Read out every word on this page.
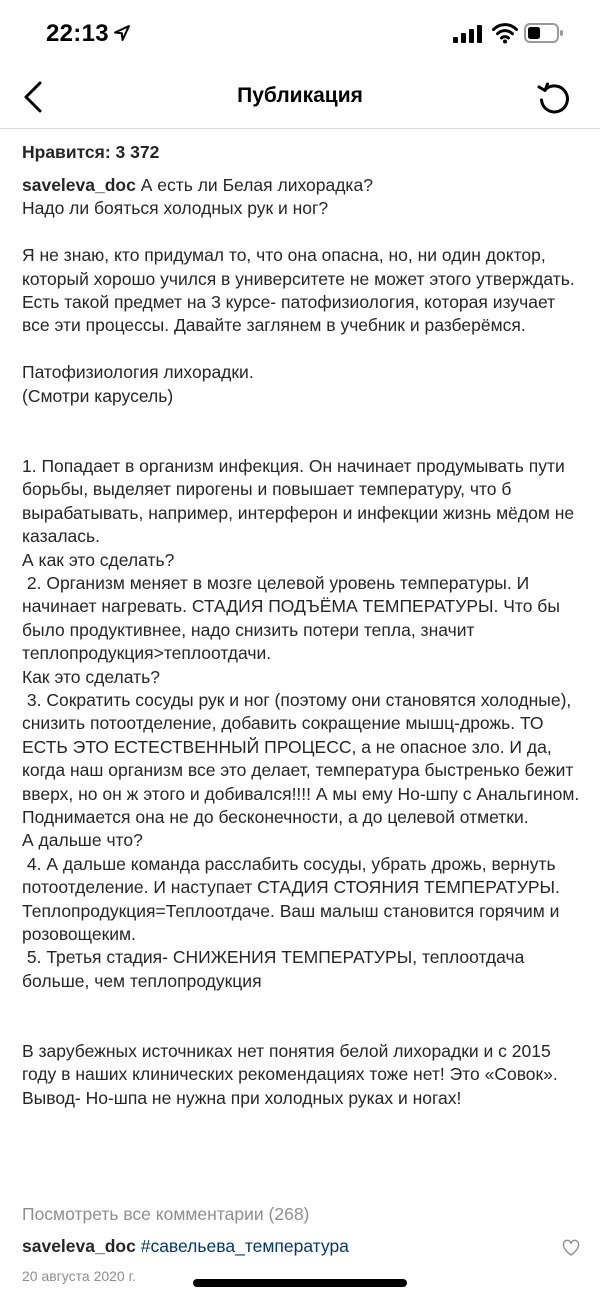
22:13
Публикация
Нравится: 3 372

saveleva_doc А есть ли Белая лихорадка?
Надо ли бояться холодных рук и ног?

Я не знаю, кто придумал то, что она опасна, но, ни один доктор, который хорошо учился в университете не может этого утверждать.
Есть такой предмет на 3 курсе- патофизиология, которая изучает все эти процессы. Давайте заглянем в учебник и разберёмся.

Патофизиология лихорадки.
(Смотри карусель)

1. Попадает в организм инфекция. Он начинает продумывать пути борьбы, выделяет пирогены и повышает температуру, что б вырабатывать, например, интерферон и инфекции жизнь мёдом не казалась.
А как это сделать?
2. Организм меняет в мозге целевой уровень температуры. И начинает нагревать. СТАДИЯ ПОДЪЁМА ТЕМПЕРАТУРЫ. Что бы было продуктивнее, надо снизить потери тепла, значит теплопродукция>теплоотдачи.
Как это сделать?
3. Сократить сосуды рук и ног (поэтому они становятся холодные), снизить потоотделение, добавить сокращение мышц-дрожь. ТО ЕСТЬ ЭТО ЕСТЕСТВЕННЫЙ ПРОЦЕСС, а не опасное зло. И да, когда наш организм все это делает, температура быстренько бежит вверх, но он ж этого и добивался!!!! А мы ему Но-шпу с Анальгином. Поднимается она не до бесконечности, а до целевой отметки.
А дальше что?
4. А дальше команда расслабить сосуды, убрать дрожь, вернуть потоотделение. И наступает СТАДИЯ СТОЯНИЯ ТЕМПЕРАТУРЫ. Теплопродукция=Теплоотдаче. Ваш малыш становится горячим и розовощеким.
5. Третья стадия- СНИЖЕНИЯ ТЕМПЕРАТУРЫ, теплоотдача больше, чем теплопродукция

В зарубежных источниках нет понятия белой лихорадки и с 2015 году в наших клинических рекомендациях тоже нет! Это «Совок». Вывод- Но-шпа не нужна при холодных руках и ногах!

Посмотреть все комментарии (268)
saveleva_doc #савельева_температура
20 августа 2020 г.
